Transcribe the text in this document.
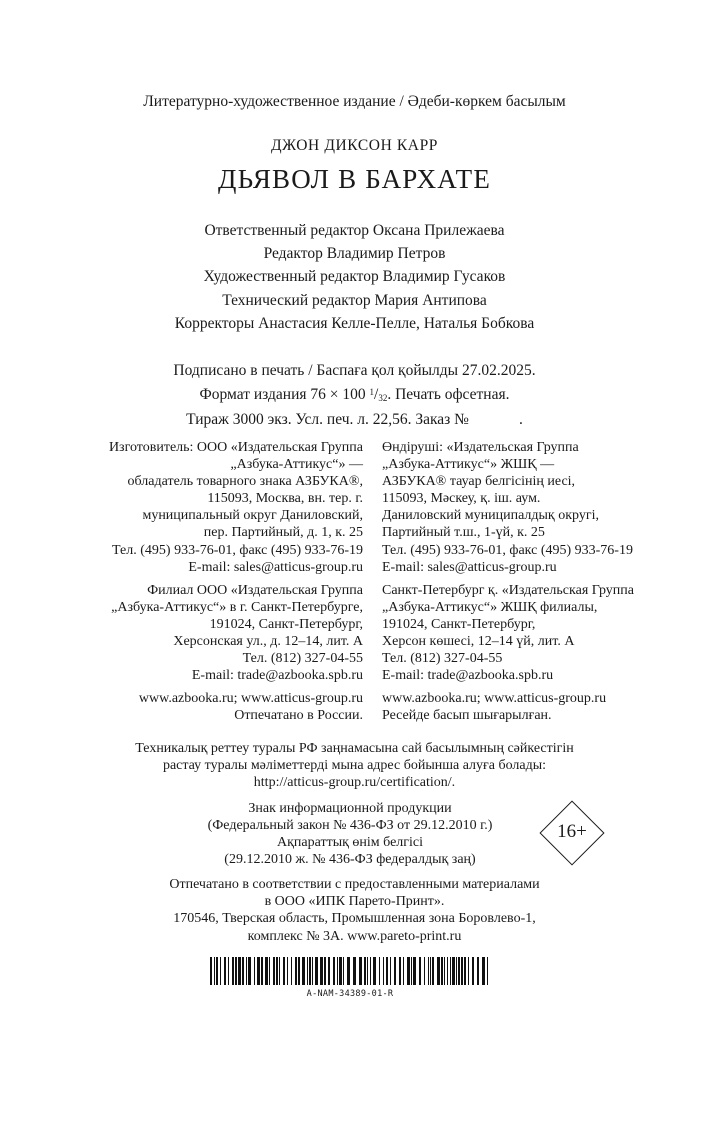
Литературно-художественное издание / Әдеби-көркем басылым
ДЖОН ДИКСОН КАРР
ДЬЯВОЛ В БАРХАТЕ
Ответственный редактор Оксана Прилежаева
Редактор Владимир Петров
Художественный редактор Владимир Гусаков
Технический редактор Мария Антипова
Корректоры Анастасия Келле-Пелле, Наталья Бобкова
Подписано в печать / Баспаға қол қойылды 27.02.2025.
Формат издания 76 × 100 $^1/_{32}$. Печать офсетная.
Тираж 3000 экз. Усл. печ. л. 22,56. Заказ №	.
Изготовитель: ООО «Издательская Группа
„Азбука-Аттикус“» —
обладатель товарного знака АЗБУКА®,
115093, Москва, вн. тер. г.
муниципальный округ Даниловский,
пер. Партийный, д. 1, к. 25
Тел. (495) 933-76-01, факс (495) 933-76-19
E-mail: sales@atticus-group.ru
Өндіруші: «Издательская Группа
„Азбука-Аттикус“» ЖШҚ —
АЗБУКА® тауар белгісінің иесі,
115093, Мәскеу, қ. іш. аум.
Даниловский муниципалдық округі,
Партийный т.ш., 1-үй, к. 25
Тел. (495) 933-76-01, факс (495) 933-76-19
E-mail: sales@atticus-group.ru
Филиал ООО «Издательская Группа
„Азбука-Аттикус“» в г. Санкт-Петербурге,
191024, Санкт-Петербург,
Херсонская ул., д. 12–14, лит. А
Тел. (812) 327-04-55
E-mail: trade@azbooka.spb.ru
Санкт-Петербург қ. «Издательская Группа
„Азбука-Аттикус“» ЖШҚ филиалы,
191024, Санкт-Петербург,
Херсон көшесі, 12–14 үй, лит. А
Тел. (812) 327-04-55
E-mail: trade@azbooka.spb.ru
www.azbooka.ru; www.atticus-group.ru
Отпечатано в России.
www.azbooka.ru; www.atticus-group.ru
Ресейде басып шығарылған.
Техникалық реттеу туралы РФ заңнамасына сай басылымның сәйкестігін
растау туралы мәліметтерді мына адрес бойынша алуға болады:
http://atticus-group.ru/certification/.
Знак информационной продукции
(Федеральный закон № 436-ФЗ от 29.12.2010 г.)
Ақпараттық өнім белгісі
(29.12.2010 ж. № 436-ФЗ федералдық заң)
16+
Отпечатано в соответствии с предоставленными материалами
в ООО «ИПК Парето-Принт».
170546, Тверская область, Промышленная зона Боровлево-1,
комплекс № 3А. www.pareto-print.ru
A-NAM-34389-01-R
